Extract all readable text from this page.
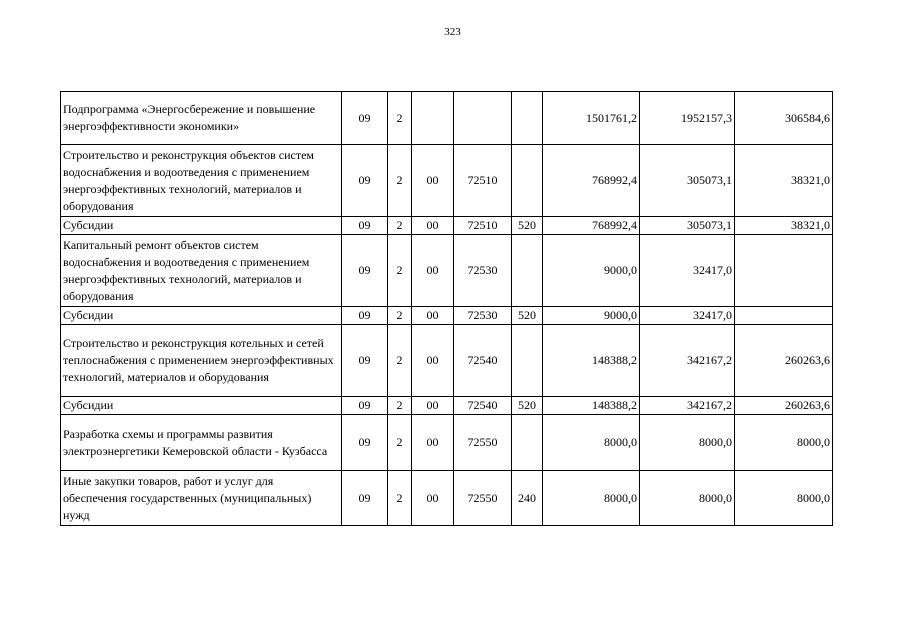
323
Подпрограмма «Энергосбережение и повышение энергоэффективности экономики»	09	2				1501761,2	1952157,3	306584,6
Строительство и реконструкция объектов систем водоснабжения и водоотведения с применением энергоэффективных технологий, материалов и оборудования	09	2	00	72510		768992,4	305073,1	38321,0
Субсидии	09	2	00	72510	520	768992,4	305073,1	38321,0
Капитальный ремонт объектов систем водоснабжения и водоотведения с применением энергоэффективных технологий, материалов и оборудования	09	2	00	72530		9000,0	32417,0	
Субсидии	09	2	00	72530	520	9000,0	32417,0	
Строительство и реконструкция котельных и сетей теплоснабжения с применением энергоэффективных технологий, материалов и оборудования	09	2	00	72540		148388,2	342167,2	260263,6
Субсидии	09	2	00	72540	520	148388,2	342167,2	260263,6
Разработка схемы и программы развития электроэнергетики Кемеровской области - Кузбасса	09	2	00	72550		8000,0	8000,0	8000,0
Иные закупки товаров, работ и услуг для обеспечения государственных (муниципальных) нужд	09	2	00	72550	240	8000,0	8000,0	8000,0
